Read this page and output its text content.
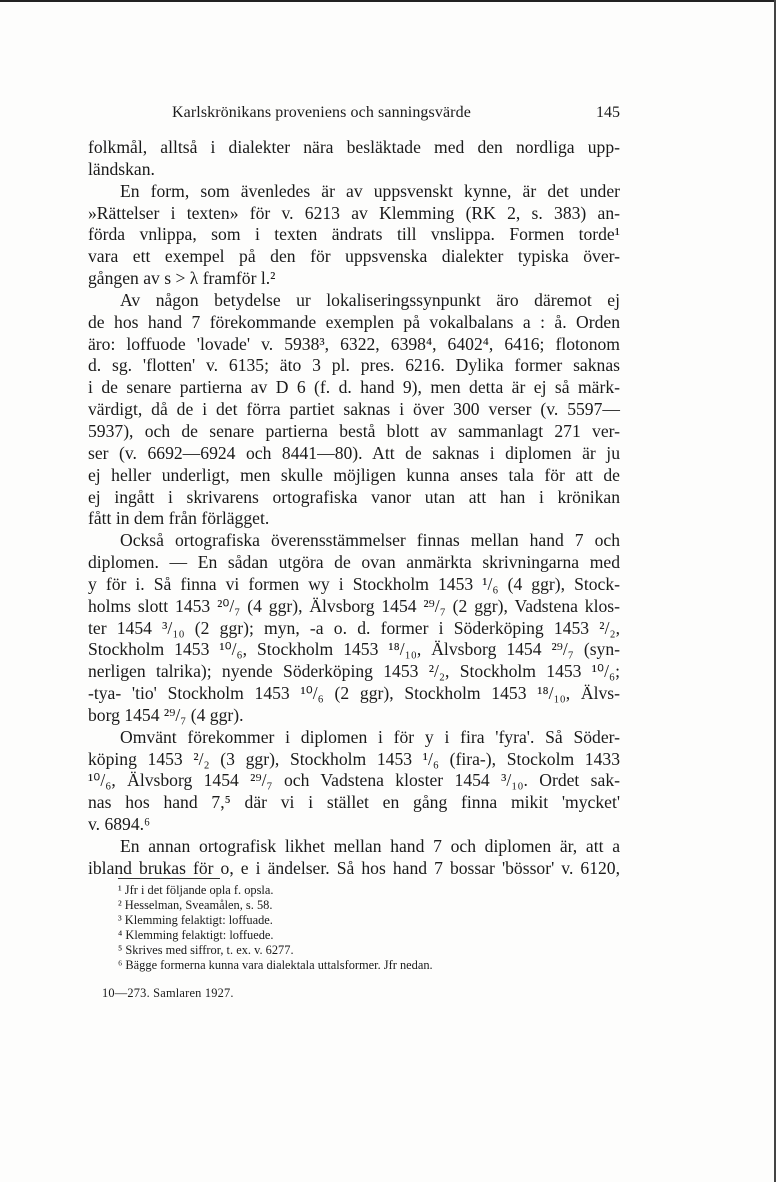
Karlskrönikans proveniens och sanningsvärde	145
folkmål, alltså i dialekter nära besläktade med den nordliga upp-
ländskan.
En form, som ävenledes är av uppsvenskt kynne, är det under
»Rättelser i texten» för v. 6213 av Klemming (RK 2, s. 383) an-
förda vnlippa, som i texten ändrats till vnslippa. Formen torde¹
vara ett exempel på den för uppsvenska dialekter typiska över-
gången av s > λ framför l.²
Av någon betydelse ur lokaliseringssynpunkt äro däremot ej
de hos hand 7 förekommande exemplen på vokalbalans a : å. Orden
äro: loffuode 'lovade' v. 5938³, 6322, 6398⁴, 6402⁴, 6416; flotonom
d. sg. 'flotten' v. 6135; äto 3 pl. pres. 6216. Dylika former saknas
i de senare partierna av D 6 (f. d. hand 9), men detta är ej så märk-
värdigt, då de i det förra partiet saknas i över 300 verser (v. 5597—
5937), och de senare partierna bestå blott av sammanlagt 271 ver-
ser (v. 6692—6924 och 8441—80). Att de saknas i diplomen är ju
ej heller underligt, men skulle möjligen kunna anses tala för att de
ej ingått i skrivarens ortografiska vanor utan att han i krönikan
fått in dem från förlägget.
Också ortografiska överensstämmelser finnas mellan hand 7 och
diplomen. — En sådan utgöra de ovan anmärkta skrivningarna med
y för i. Så finna vi formen wy i Stockholm 1453 ¹/₆ (4 ggr), Stock-
holms slott 1453 ²⁰/₇ (4 ggr), Älvsborg 1454 ²⁹/₇ (2 ggr), Vadstena klos-
ter 1454 ³/₁₀ (2 ggr); myn, -a o. d. former i Söderköping 1453 ²/₂,
Stockholm 1453 ¹⁰/₆, Stockholm 1453 ¹⁸/₁₀, Älvsborg 1454 ²⁹/₇ (syn-
nerligen talrika); nyende Söderköping 1453 ²/₂, Stockholm 1453 ¹⁰/₆;
-tya- 'tio' Stockholm 1453 ¹⁰/₆ (2 ggr), Stockholm 1453 ¹⁸/₁₀, Älvs-
borg 1454 ²⁹/₇ (4 ggr).
Omvänt förekommer i diplomen i för y i fira 'fyra'. Så Söder-
köping 1453 ²/₂ (3 ggr), Stockholm 1453 ¹/₆ (fira-), Stockolm 1433
¹⁰/₆, Älvsborg 1454 ²⁹/₇ och Vadstena kloster 1454 ³/₁₀. Ordet sak-
nas hos hand 7,⁵ där vi i stället en gång finna mikit 'mycket'
v. 6894.⁶
En annan ortografisk likhet mellan hand 7 och diplomen är, att a
ibland brukas för o, e i ändelser. Så hos hand 7 bossar 'bössor' v. 6120,
¹ Jfr i det följande opla f. opsla.
² Hesselman, Sveamålen, s. 58.
³ Klemming felaktigt: loffuade.
⁴ Klemming felaktigt: loffuede.
⁵ Skrives med siffror, t. ex. v. 6277.
⁶ Bägge formerna kunna vara dialektala uttalsformer. Jfr nedan.
10—273. Samlaren 1927.
